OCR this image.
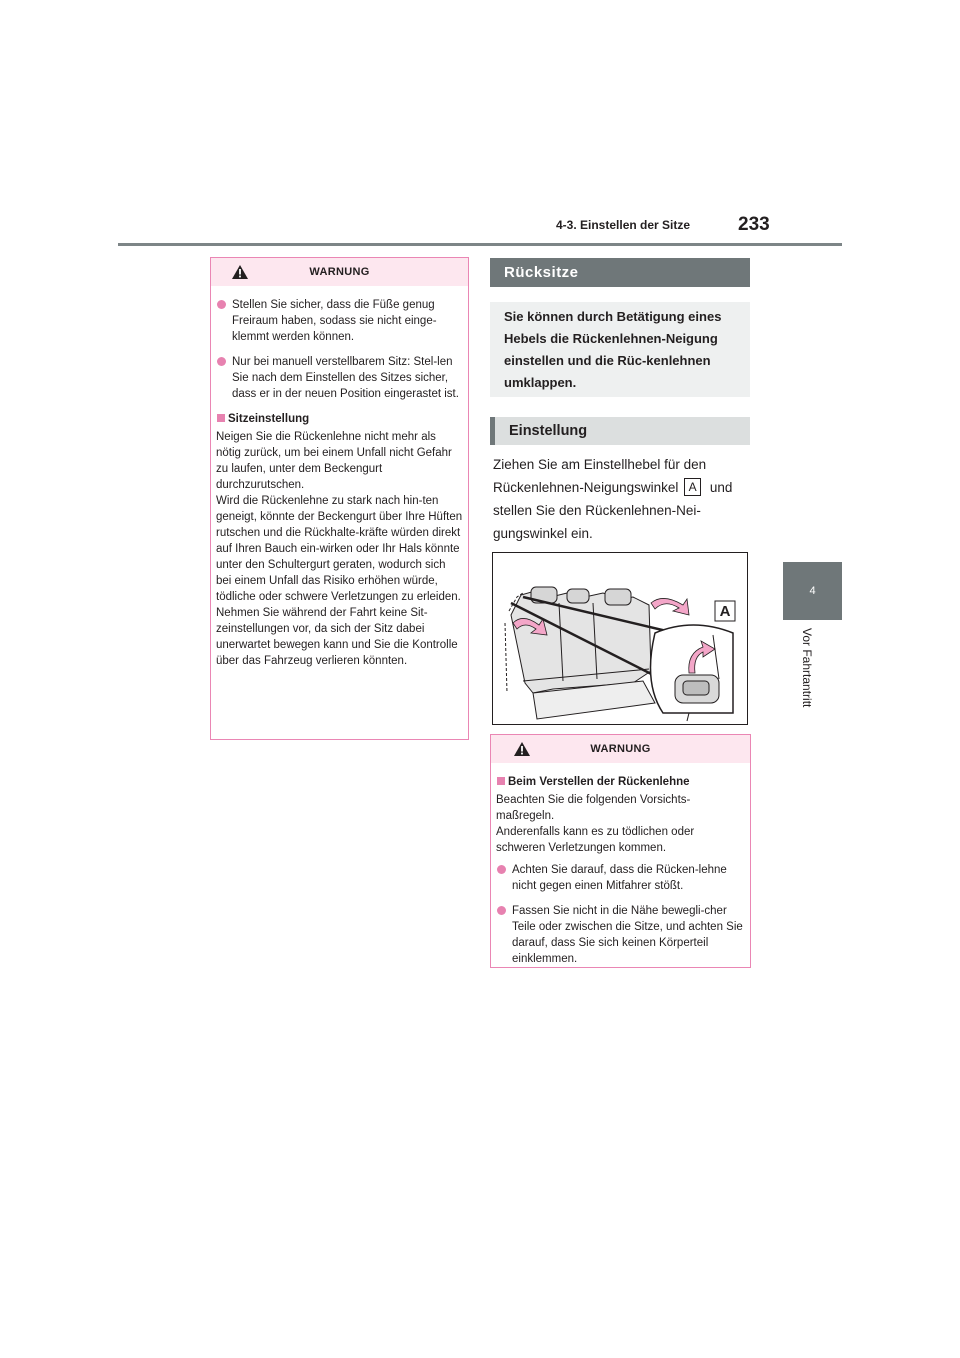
4-3. Einstellen der Sitze	233
4
Vor Fahrtantritt
WARNUNG
Stellen Sie sicher, dass die Füße genug Freiraum haben, sodass sie nicht einge-klemmt werden können.
Nur bei manuell verstellbarem Sitz: Stel-len Sie nach dem Einstellen des Sitzes sicher, dass er in der neuen Position eingerastet ist.
Sitzeinstellung

Neigen Sie die Rückenlehne nicht mehr als nötig zurück, um bei einem Unfall nicht Gefahr zu laufen, unter dem Beckengurt durchzurutschen.
Wird die Rückenlehne zu stark nach hin-ten geneigt, könnte der Beckengurt über Ihre Hüften rutschen und die Rückhalte-kräfte würden direkt auf Ihren Bauch ein-wirken oder Ihr Hals könnte unter den Schultergurt geraten, wodurch sich bei einem Unfall das Risiko erhöhen würde, tödliche oder schwere Verletzungen zu erleiden.
Nehmen Sie während der Fahrt keine Sit-zeinstellungen vor, da sich der Sitz dabei unerwartet bewegen kann und Sie die Kontrolle über das Fahrzeug verlieren könnten.

Rücksitze
Sie können durch Betätigung eines Hebels die Rückenlehnen-Neigung einstellen und die Rüc-kenlehnen umklappen.
Einstellung
Ziehen Sie am Einstellhebel für den Rückenlehnen-Neigungswinkel A und stellen Sie den Rückenlehnen-Nei-gungswinkel ein.
A
WARNUNG
Beim Verstellen der Rückenlehne

Beachten Sie die folgenden Vorsichts-maßregeln.
Anderenfalls kann es zu tödlichen oder schweren Verletzungen kommen.

Achten Sie darauf, dass die Rücken-lehne nicht gegen einen Mitfahrer stößt.
Fassen Sie nicht in die Nähe bewegli-cher Teile oder zwischen die Sitze, und achten Sie darauf, dass Sie sich keinen Körperteil einklemmen.
